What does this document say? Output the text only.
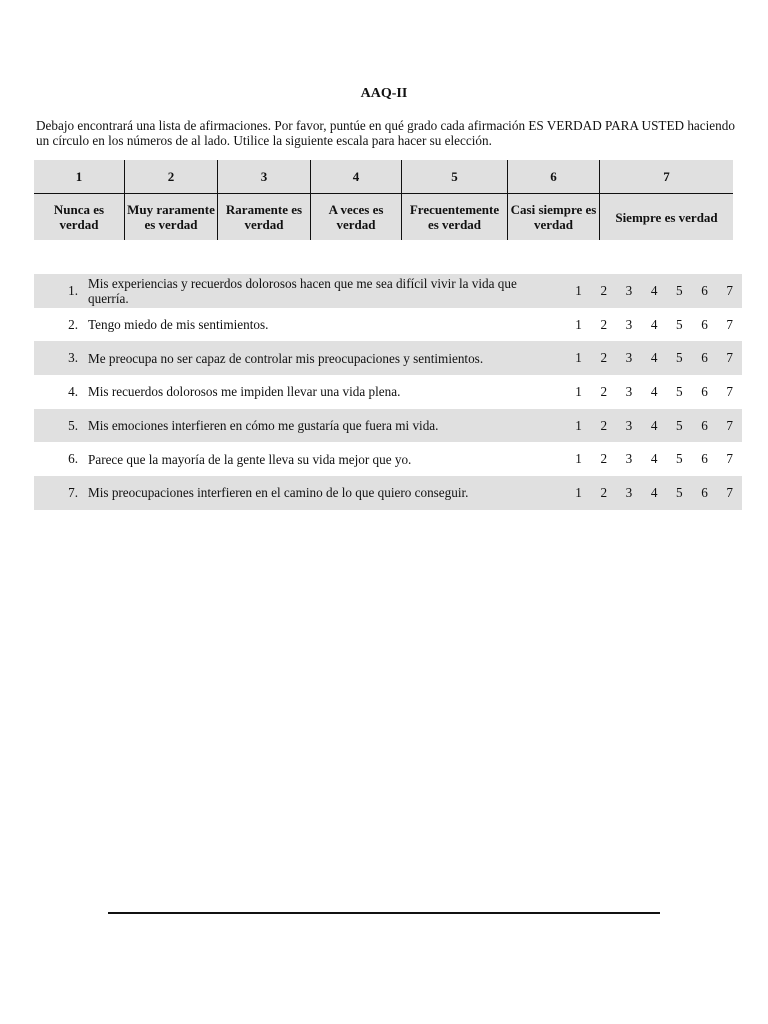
AAQ-II
Debajo encontrará una lista de afirmaciones. Por favor, puntúe en qué grado cada afirmación ES VERDAD PARA USTED haciendo un círculo en los números de al lado. Utilice la siguiente escala para hacer su elección.
1	2	3	4	5	6	7
Nunca es verdad	Muy raramente es verdad	Raramente es verdad	A veces es verdad	Frecuentemente es verdad	Casi siempre es verdad	Siempre es verdad
1.	Mis experiencias y recuerdos dolorosos hacen que me sea difícil vivir la vida que querría.	1	2	3	4	5	6	7
2.	Tengo miedo de mis sentimientos.	1	2	3	4	5	6	7
3.	Me preocupa no ser capaz de controlar mis preocupaciones y sentimientos.	1	2	3	4	5	6	7
4.	Mis recuerdos dolorosos me impiden llevar una vida plena.	1	2	3	4	5	6	7
5.	Mis emociones interfieren en cómo me gustaría que fuera mi vida.	1	2	3	4	5	6	7
6.	Parece que la mayoría de la gente lleva su vida mejor que yo.	1	2	3	4	5	6	7
7.	Mis preocupaciones interfieren en el camino de lo que quiero conseguir.	1	2	3	4	5	6	7
